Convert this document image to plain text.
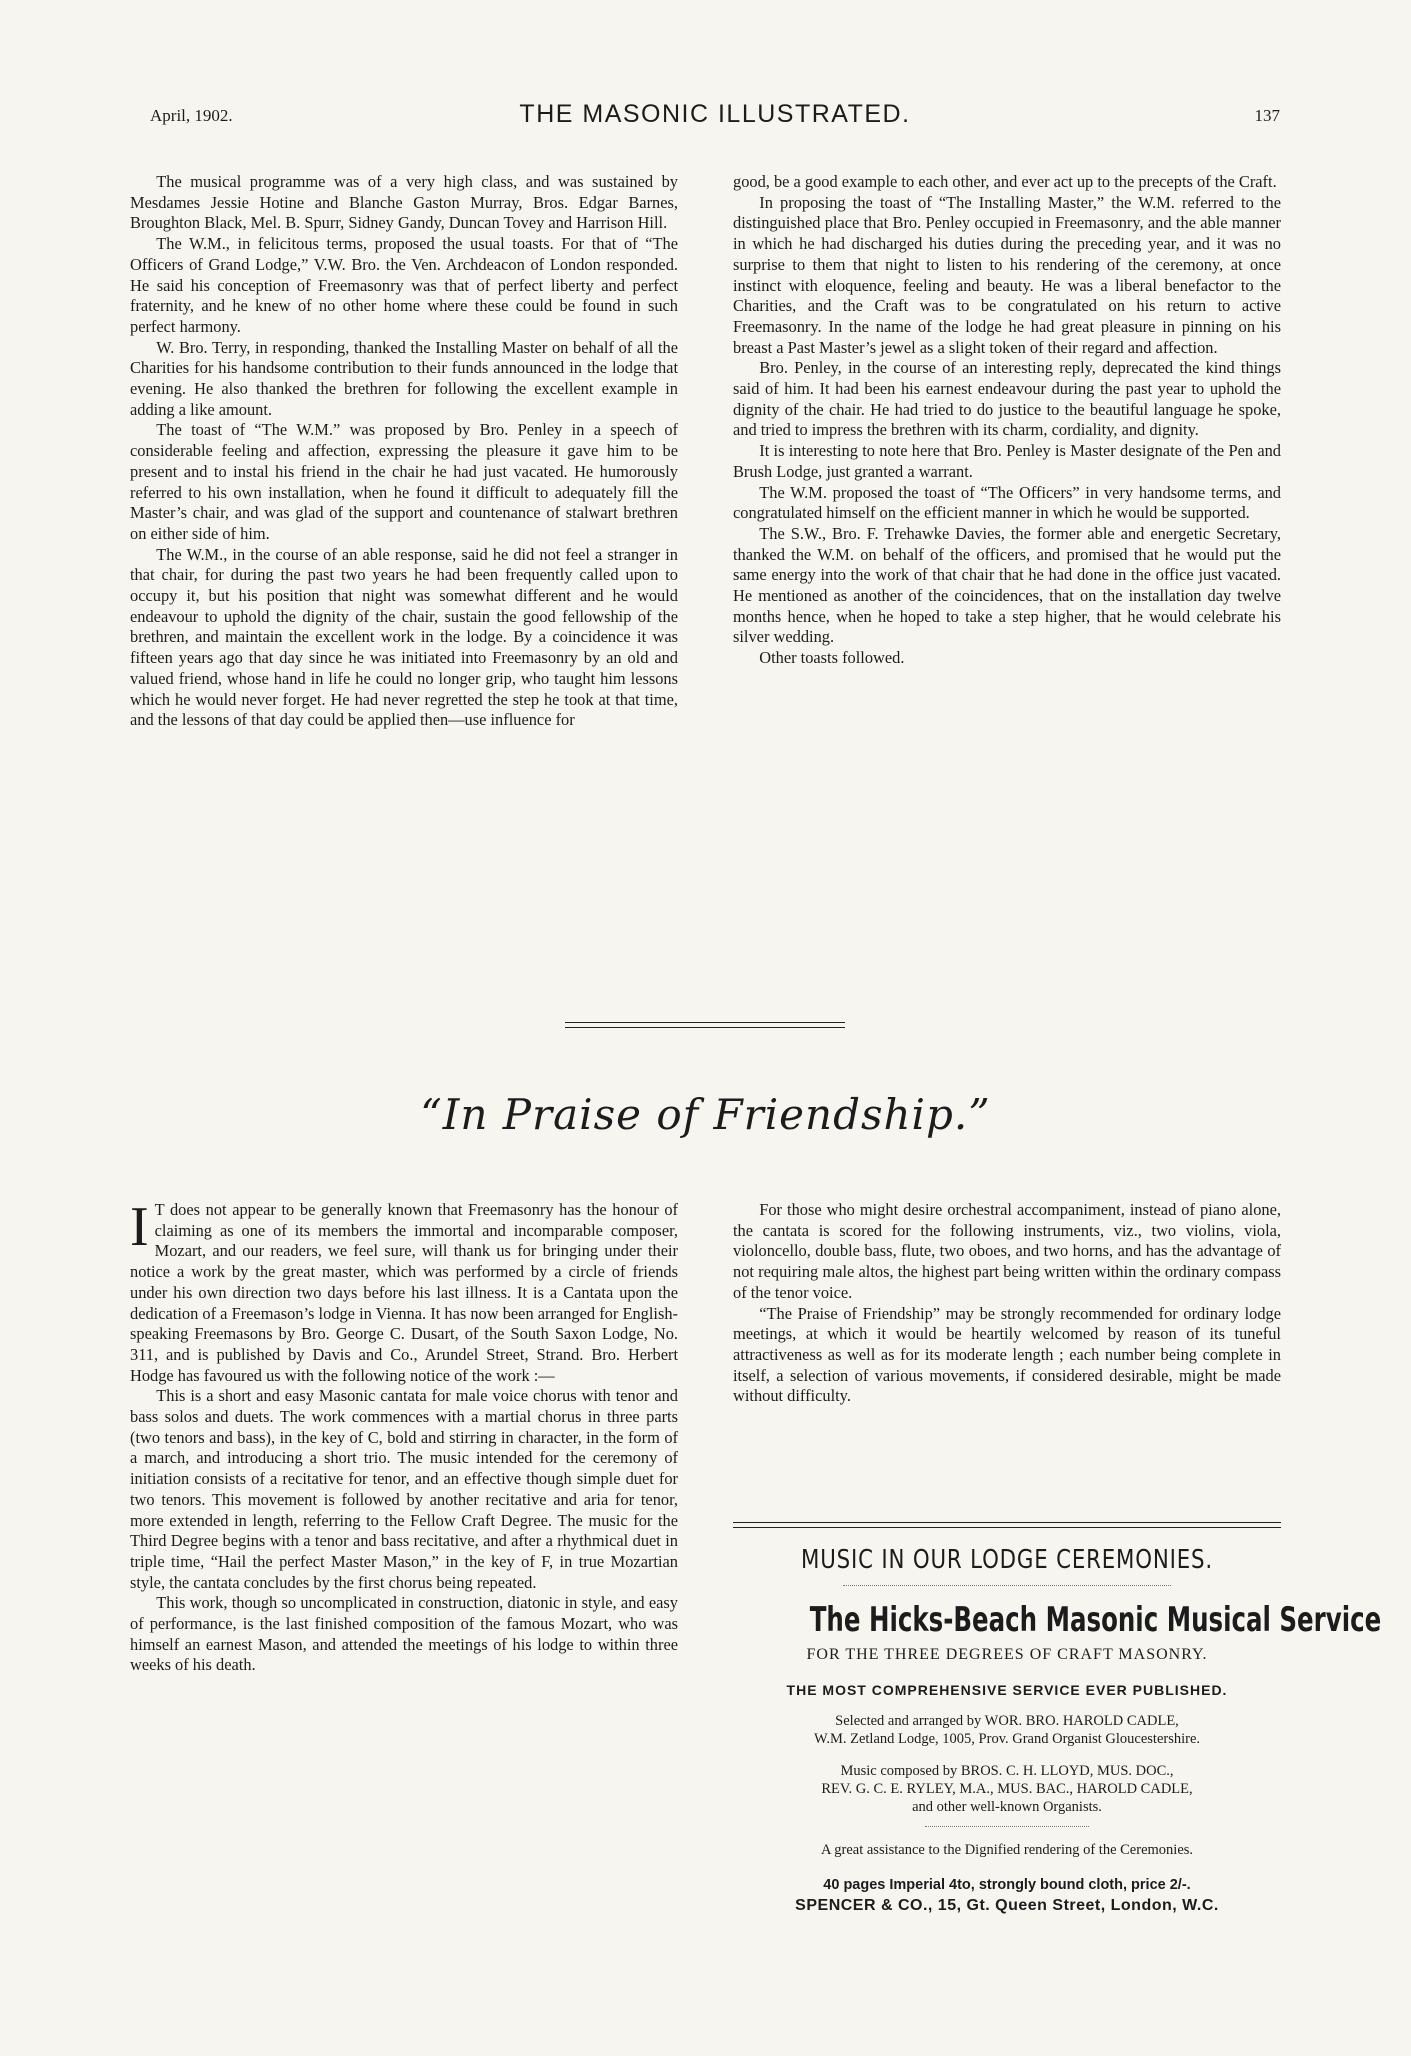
April, 1902.	THE MASONIC ILLUSTRATED.	137

The musical programme was of a very high class, and was sustained by Mesdames Jessie Hotine and Blanche Gaston Murray, Bros. Edgar Barnes, Broughton Black, Mel. B. Spurr, Sidney Gandy, Duncan Tovey and Harrison Hill.

The W.M., in felicitous terms, proposed the usual toasts. For that of “The Officers of Grand Lodge,” V.W. Bro. the Ven. Archdeacon of London responded. He said his conception of Freemasonry was that of perfect liberty and perfect fraternity, and he knew of no other home where these could be found in such perfect harmony.

W. Bro. Terry, in responding, thanked the Installing Master on behalf of all the Charities for his handsome contribution to their funds announced in the lodge that evening. He also thanked the brethren for following the excellent example in adding a like amount.

The toast of “The W.M.” was proposed by Bro. Penley in a speech of considerable feeling and affection, expressing the pleasure it gave him to be present and to instal his friend in the chair he had just vacated. He humorously referred to his own installation, when he found it difficult to adequately fill the Master’s chair, and was glad of the support and countenance of stalwart brethren on either side of him.

The W.M., in the course of an able response, said he did not feel a stranger in that chair, for during the past two years he had been frequently called upon to occupy it, but his position that night was somewhat different and he would endeavour to uphold the dignity of the chair, sustain the good fellowship of the brethren, and maintain the excellent work in the lodge. By a coincidence it was fifteen years ago that day since he was initiated into Freemasonry by an old and valued friend, whose hand in life he could no longer grip, who taught him lessons which he would never forget. He had never regretted the step he took at that time, and the lessons of that day could be applied then—use influence for

good, be a good example to each other, and ever act up to the precepts of the Craft.

In proposing the toast of “The Installing Master,” the W.M. referred to the distinguished place that Bro. Penley occupied in Freemasonry, and the able manner in which he had discharged his duties during the preceding year, and it was no surprise to them that night to listen to his rendering of the ceremony, at once instinct with eloquence, feeling and beauty. He was a liberal benefactor to the Charities, and the Craft was to be congratulated on his return to active Freemasonry. In the name of the lodge he had great pleasure in pinning on his breast a Past Master’s jewel as a slight token of their regard and affection.

Bro. Penley, in the course of an interesting reply, deprecated the kind things said of him. It had been his earnest endeavour during the past year to uphold the dignity of the chair. He had tried to do justice to the beautiful language he spoke, and tried to impress the brethren with its charm, cordiality, and dignity.

It is interesting to note here that Bro. Penley is Master designate of the Pen and Brush Lodge, just granted a warrant.

The W.M. proposed the toast of “The Officers” in very handsome terms, and congratulated himself on the efficient manner in which he would be supported.

The S.W., Bro. F. Trehawke Davies, the former able and energetic Secretary, thanked the W.M. on behalf of the officers, and promised that he would put the same energy into the work of that chair that he had done in the office just vacated. He mentioned as another of the coincidences, that on the installation day twelve months hence, when he hoped to take a step higher, that he would celebrate his silver wedding.

Other toasts followed.

“In Praise of Friendship.”

I T does not appear to be generally known that Freemasonry has the honour of claiming as one of its members the immortal and incomparable composer, Mozart, and our readers, we feel sure, will thank us for bringing under their notice a work by the great master, which was performed by a circle of friends under his own direction two days before his last illness. It is a Cantata upon the dedication of a Freemason’s lodge in Vienna. It has now been arranged for English-speaking Freemasons by Bro. George C. Dusart, of the South Saxon Lodge, No. 311, and is published by Davis and Co., Arundel Street, Strand. Bro. Herbert Hodge has favoured us with the following notice of the work :—

This is a short and easy Masonic cantata for male voice chorus with tenor and bass solos and duets. The work commences with a martial chorus in three parts (two tenors and bass), in the key of C, bold and stirring in character, in the form of a march, and introducing a short trio. The music intended for the ceremony of initiation consists of a recitative for tenor, and an effective though simple duet for two tenors. This movement is followed by another recitative and aria for tenor, more extended in length, referring to the Fellow Craft Degree. The music for the Third Degree begins with a tenor and bass recitative, and after a rhythmical duet in triple time, “Hail the perfect Master Mason,” in the key of F, in true Mozartian style, the cantata concludes by the first chorus being repeated.

This work, though so uncomplicated in construction, diatonic in style, and easy of performance, is the last finished composition of the famous Mozart, who was himself an earnest Mason, and attended the meetings of his lodge to within three weeks of his death.

For those who might desire orchestral accompaniment, instead of piano alone, the cantata is scored for the following instruments, viz., two violins, viola, violoncello, double bass, flute, two oboes, and two horns, and has the advantage of not requiring male altos, the highest part being written within the ordinary compass of the tenor voice.

“The Praise of Friendship” may be strongly recommended for ordinary lodge meetings, at which it would be heartily welcomed by reason of its tuneful attractiveness as well as for its moderate length ; each number being complete in itself, a selection of various movements, if considered desirable, might be made without difficulty.

MUSIC IN OUR LODGE CEREMONIES.
The Hicks-Beach Masonic Musical Service
FOR THE THREE DEGREES OF CRAFT MASONRY.
THE MOST COMPREHENSIVE SERVICE EVER PUBLISHED.
Selected and arranged by WOR. BRO. HAROLD CADLE,
W.M. Zetland Lodge, 1005, Prov. Grand Organist Gloucestershire.
Music composed by BROS. C. H. LLOYD, MUS. DOC.,
REV. G. C. E. RYLEY, M.A., MUS. BAC., HAROLD CADLE,
and other well-known Organists.
A great assistance to the Dignified rendering of the Ceremonies.
40 pages Imperial 4to, strongly bound cloth, price 2/-.
SPENCER & CO., 15, Gt. Queen Street, London, W.C.
